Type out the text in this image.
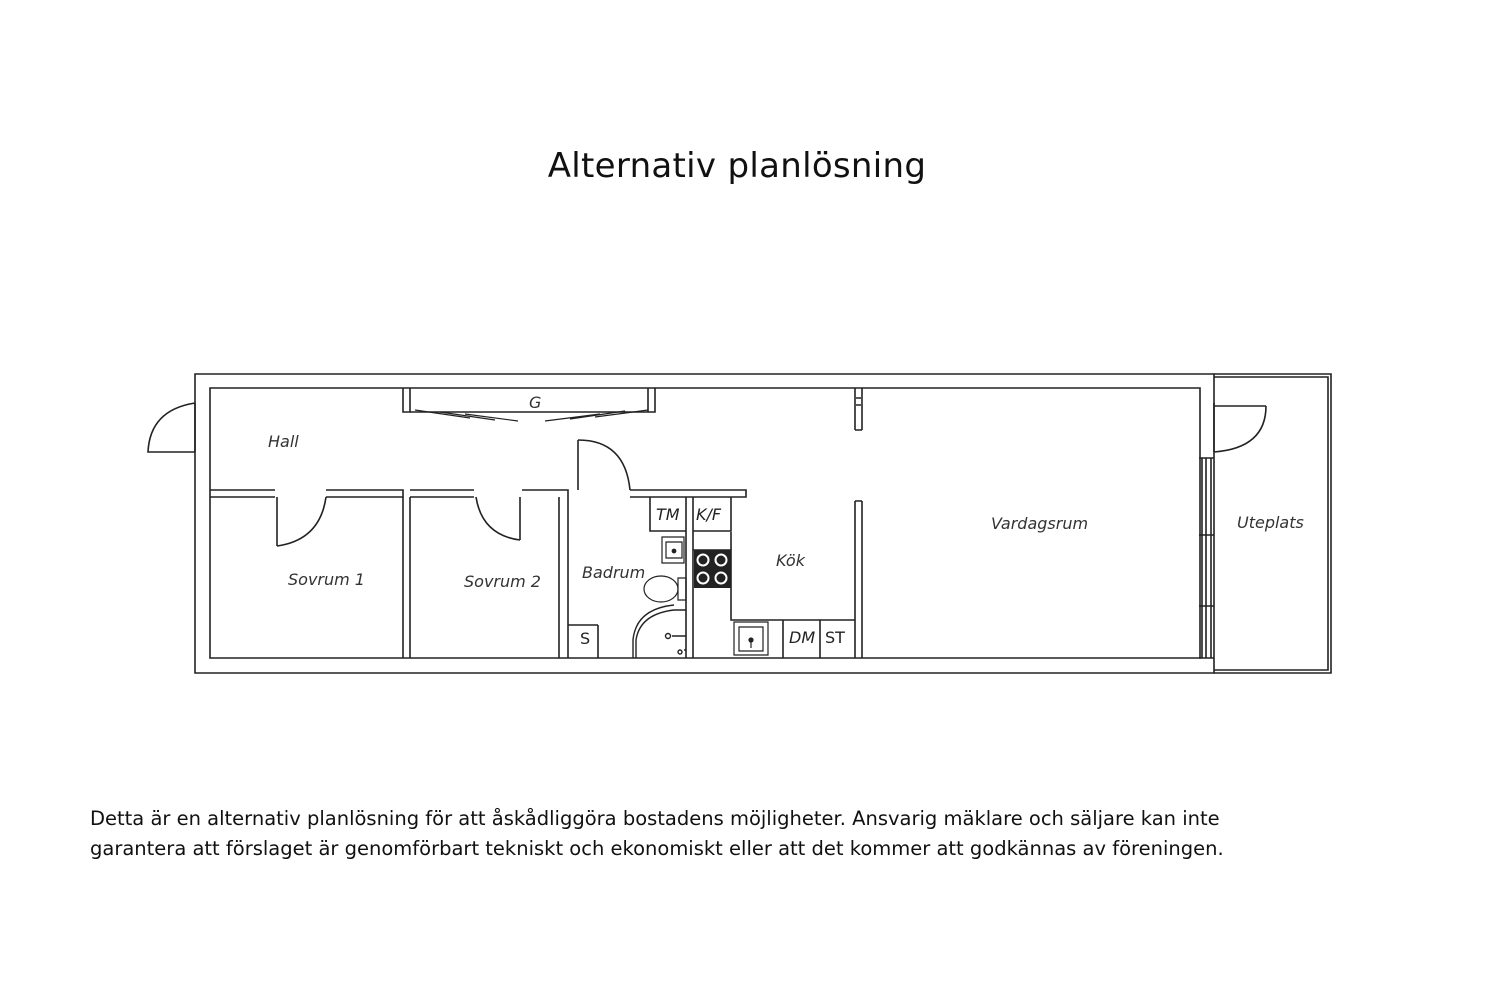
Alternativ planlösning
Hall
G
Sovrum 1	Sovrum 2	Badrum
Kök
Vardagsrum	Uteplats
TM K/F
S	DM ST
Detta är en alternativ planlösning för att åskådliggöra bostadens möjligheter. Ansvarig mäklare och säljare kan inte
garantera att förslaget är genomförbart tekniskt och ekonomiskt eller att det kommer att godkännas av föreningen.
